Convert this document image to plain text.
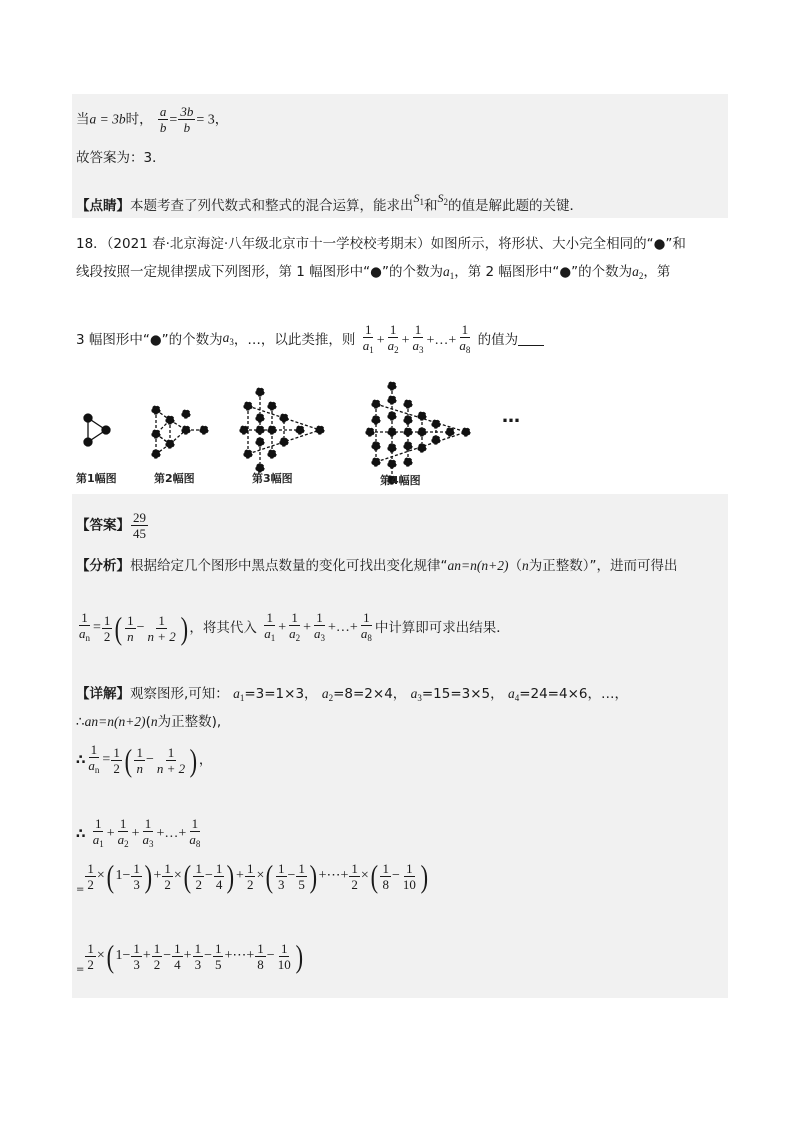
当a = 3b时， $\frac{a}{b} = \frac{3b}{b} = 3$，
故答案为：3．
【点睛】本题考查了列代数式和整式的混合运算，能求出$S_1$和$S_2$的值是解此题的关键．
18．（2021 春·北京海淀·八年级北京市十一学校校考期末）如图所示，将形状、大小完全相同的“●”和
线段按照一定规律摆成下列图形，第 1 幅图形中“●”的个数为$a_1$，第 2 幅图形中“●”的个数为$a_2$，第
3 幅图形中“●”的个数为$a_3$，…，以此类推，则 $\frac{1}{a_1} + \frac{1}{a_2} + \frac{1}{a_3}$ +…+ $\frac{1}{a_8}$ 的值为
第1幅图	第2幅图	第3幅图	第4幅图
…
【答案】 $\frac{29}{45}$
【分析】根据给定几个图形中黑点数量的变化可找出变化规律“an=n(n+2)（n为正整数）”，进而可得出
$\frac{1}{a_n} = \frac{1}{2}$ ( $\frac{1}{n} - \frac{1}{n + 2}$ ) ，将其代入 $\frac{1}{a_1} + \frac{1}{a_2} + \frac{1}{a_3}$ +…+ $\frac{1}{a_8}$ 中计算即可求出结果．
【详解】观察图形,可知： $a_1=3=1\times 3$， $a_2=8=2\times 4$， $a_3=15=3\times 5$， $a_4=24=4\times 6$，…，
∴an=n(n+2)(n为正整数),
∴ $\frac{1}{a_n} = \frac{1}{2}$ ( $\frac{1}{n} - \frac{1}{n + 2}$ ) ，
∴ $\frac{1}{a_1} + \frac{1}{a_2} + \frac{1}{a_3}$ +…+ $\frac{1}{a_8}$
$_= \frac{1}{2}$ ×( $1- \frac{1}{3}$ ) + $\frac{1}{2}$ ×( $\frac{1}{2} - \frac{1}{4}$ ) + $\frac{1}{2}$ ×( $\frac{1}{3} - \frac{1}{5}$ ) +⋯+ $\frac{1}{2}$ ×( $\frac{1}{8} - \frac{1}{10}$ )
$_= \frac{1}{2}$ ×( $1- \frac{1}{3} + \frac{1}{2} - \frac{1}{4} + \frac{1}{3} - \frac{1}{5}$ +⋯+ $\frac{1}{8} - \frac{1}{10}$ )
